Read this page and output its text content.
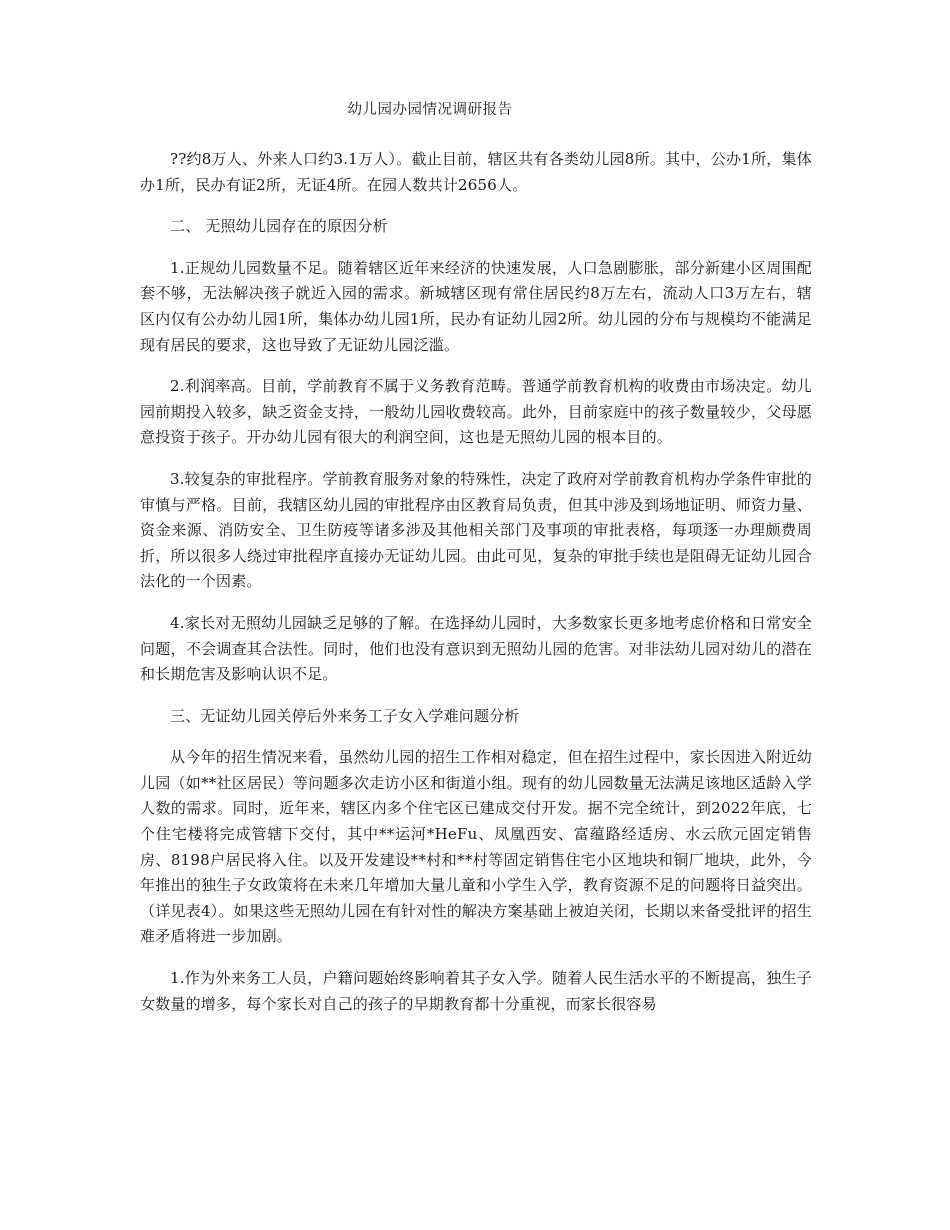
幼儿园办园情况调研报告

??约8万人、外来人口约3.1万人）。截止目前，辖区共有各类幼儿园8所。其中，公办1所，集体办1所，民办有证2所，无证4所。在园人数共计2656人。

二、 无照幼儿园存在的原因分析

1.正规幼儿园数量不足。随着辖区近年来经济的快速发展，人口急剧膨胀，部分新建小区周围配套不够，无法解决孩子就近入园的需求。新城辖区现有常住居民约8万左右，流动人口3万左右，辖区内仅有公办幼儿园1所，集体办幼儿园1所，民办有证幼儿园2所。幼儿园的分布与规模均不能满足现有居民的要求，这也导致了无证幼儿园泛滥。

2.利润率高。目前，学前教育不属于义务教育范畴。普通学前教育机构的收费由市场决定。幼儿园前期投入较多，缺乏资金支持，一般幼儿园收费较高。此外，目前家庭中的孩子数量较少，父母愿意投资于孩子。开办幼儿园有很大的利润空间，这也是无照幼儿园的根本目的。

3.较复杂的审批程序。学前教育服务对象的特殊性，决定了政府对学前教育机构办学条件审批的审慎与严格。目前，我辖区幼儿园的审批程序由区教育局负责，但其中涉及到场地证明、师资力量、资金来源、消防安全、卫生防疫等诸多涉及其他相关部门及事项的审批表格，每项逐一办理颇费周折，所以很多人绕过审批程序直接办无证幼儿园。由此可见，复杂的审批手续也是阻碍无证幼儿园合法化的一个因素。

4.家长对无照幼儿园缺乏足够的了解。在选择幼儿园时，大多数家长更多地考虑价格和日常安全问题，不会调查其合法性。同时，他们也没有意识到无照幼儿园的危害。对非法幼儿园对幼儿的潜在和长期危害及影响认识不足。

三、无证幼儿园关停后外来务工子女入学难问题分析

从今年的招生情况来看，虽然幼儿园的招生工作相对稳定，但在招生过程中，家长因进入附近幼儿园（如**社区居民）等问题多次走访小区和街道小组。现有的幼儿园数量无法满足该地区适龄入学人数的需求。同时，近年来，辖区内多个住宅区已建成交付开发。据不完全统计，到2022年底，七个住宅楼将完成管辖下交付，其中**运河*HeFu、凤凰西安、富蕴路经适房、水云欣元固定销售房、8198户居民将入住。以及开发建设**村和**村等固定销售住宅小区地块和铜厂地块，此外，今年推出的独生子女政策将在未来几年增加大量儿童和小学生入学，教育资源不足的问题将日益突出。（详见表4）。如果这些无照幼儿园在有针对性的解决方案基础上被迫关闭，长期以来备受批评的招生难矛盾将进一步加剧。

1.作为外来务工人员，户籍问题始终影响着其子女入学。随着人民生活水平的不断提高，独生子女数量的增多，每个家长对自己的孩子的早期教育都十分重视，而家长很容易
